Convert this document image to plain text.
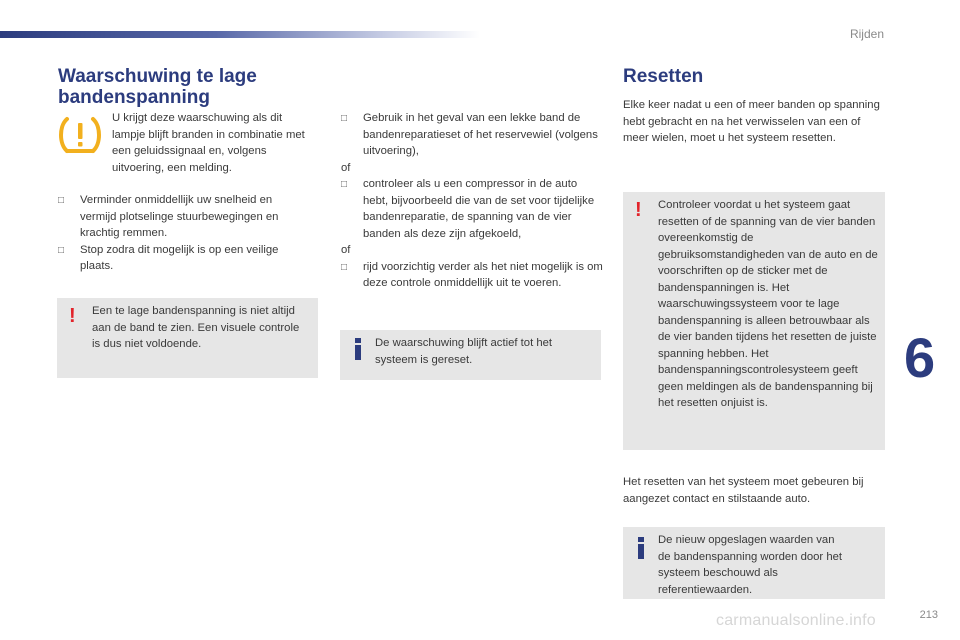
Rijden
Waarschuwing te lage bandenspanning
U krijgt deze waarschuwing als dit lampje blijft branden in combinatie met een geluidssignaal en, volgens uitvoering, een melding.
□	Verminder onmiddellijk uw snelheid en vermijd plotselinge stuurbewegingen en krachtig remmen.
□	Stop zodra dit mogelijk is op een veilige plaats.
! Een te lage bandenspanning is niet altijd aan de band te zien. Een visuele controle is dus niet voldoende.
□	Gebruik in het geval van een lekke band de bandenreparatieset of het reservewiel (volgens uitvoering),

of

□	controleer als u een compressor in de auto hebt, bijvoorbeeld die van de set voor tijdelijke bandenreparatie, de spanning van de vier banden als deze zijn afgekoeld,

of

□	rijd voorzichtig verder als het niet mogelijk is om deze controle onmiddellijk uit te voeren.
De waarschuwing blijft actief tot het systeem is gereset.
Resetten
Elke keer nadat u een of meer banden op spanning hebt gebracht en na het verwisselen van een of meer wielen, moet u het systeem resetten.
! Controleer voordat u het systeem gaat resetten of de spanning van de vier banden overeenkomstig de gebruiksomstandigheden van de auto en de voorschriften op de sticker met de bandenspanningen is. Het waarschuwingssysteem voor te lage bandenspanning is alleen betrouwbaar als de vier banden tijdens het resetten de juiste spanning hebben. Het bandenspanningscontrolesysteem geeft geen meldingen als de bandenspanning bij het resetten onjuist is.
Het resetten van het systeem moet gebeuren bij aangezet contact en stilstaande auto.
De nieuw opgeslagen waarden van de bandenspanning worden door het systeem beschouwd als referentiewaarden.
6
carmanualsonline.info	213
